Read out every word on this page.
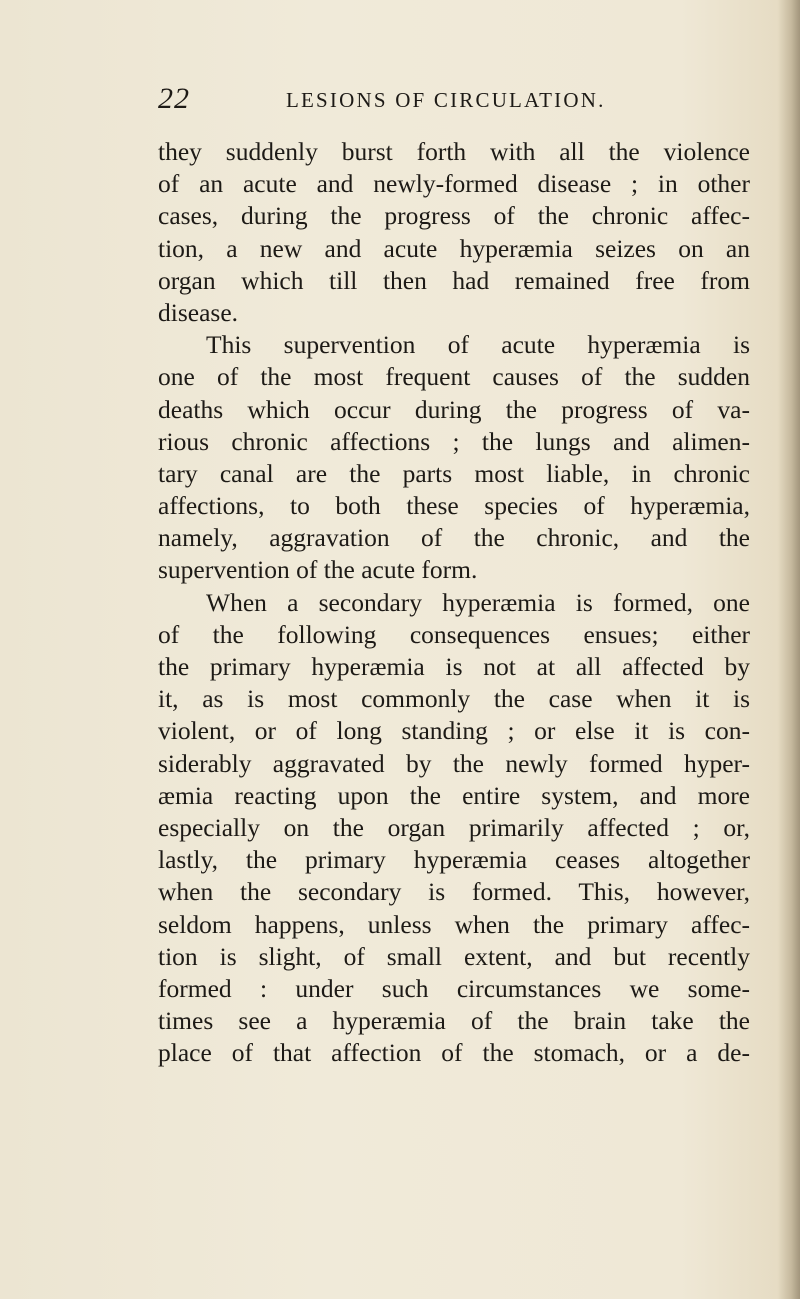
22	LESIONS OF CIRCULATION.
they suddenly burst forth with all the violence
of an acute and newly-formed disease ; in other
cases, during the progress of the chronic affec-
tion, a new and acute hyperæmia seizes on an
organ which till then had remained free from
disease.
This supervention of acute hyperæmia is
one of the most frequent causes of the sudden
deaths which occur during the progress of va-
rious chronic affections ; the lungs and alimen-
tary canal are the parts most liable, in chronic
affections, to both these species of hyperæmia,
namely, aggravation of the chronic, and the
supervention of the acute form.
When a secondary hyperæmia is formed, one
of the following consequences ensues; either
the primary hyperæmia is not at all affected by
it, as is most commonly the case when it is
violent, or of long standing ; or else it is con-
siderably aggravated by the newly formed hyper-
æmia reacting upon the entire system, and more
especially on the organ primarily affected ; or,
lastly, the primary hyperæmia ceases altogether
when the secondary is formed. This, however,
seldom happens, unless when the primary affec-
tion is slight, of small extent, and but recently
formed : under such circumstances we some-
times see a hyperæmia of the brain take the
place of that affection of the stomach, or a de-
